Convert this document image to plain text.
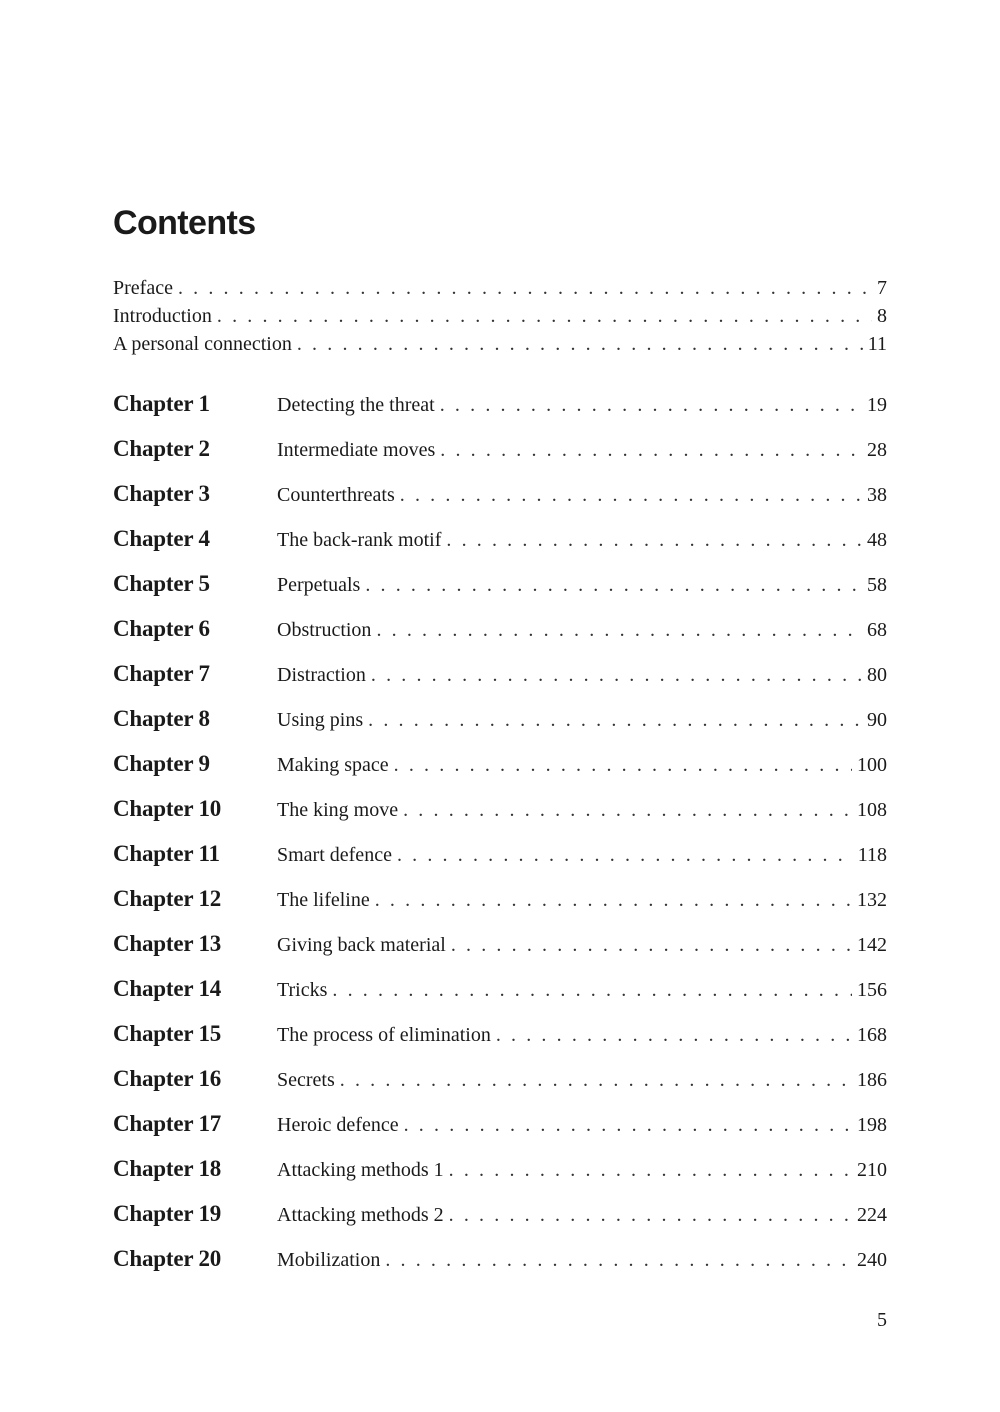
Contents
Preface . . .	7
Introduction . . .	8
A personal connection . . .	11
Chapter 1	Detecting the threat . . .	19
Chapter 2	Intermediate moves . . .	28
Chapter 3	Counterthreats . . .	38
Chapter 4	The back-rank motif . . .	48
Chapter 5	Perpetuals . . .	58
Chapter 6	Obstruction . . .	68
Chapter 7	Distraction . . .	80
Chapter 8	Using pins . . .	90
Chapter 9	Making space . . .	100
Chapter 10	The king move . . .	108
Chapter 11	Smart defence . . .	118
Chapter 12	The lifeline . . .	132
Chapter 13	Giving back material . . .	142
Chapter 14	Tricks . . .	156
Chapter 15	The process of elimination . . .	168
Chapter 16	Secrets . . .	186
Chapter 17	Heroic defence . . .	198
Chapter 18	Attacking methods 1 . . .	210
Chapter 19	Attacking methods 2 . . .	224
Chapter 20	Mobilization . . .	240
5
